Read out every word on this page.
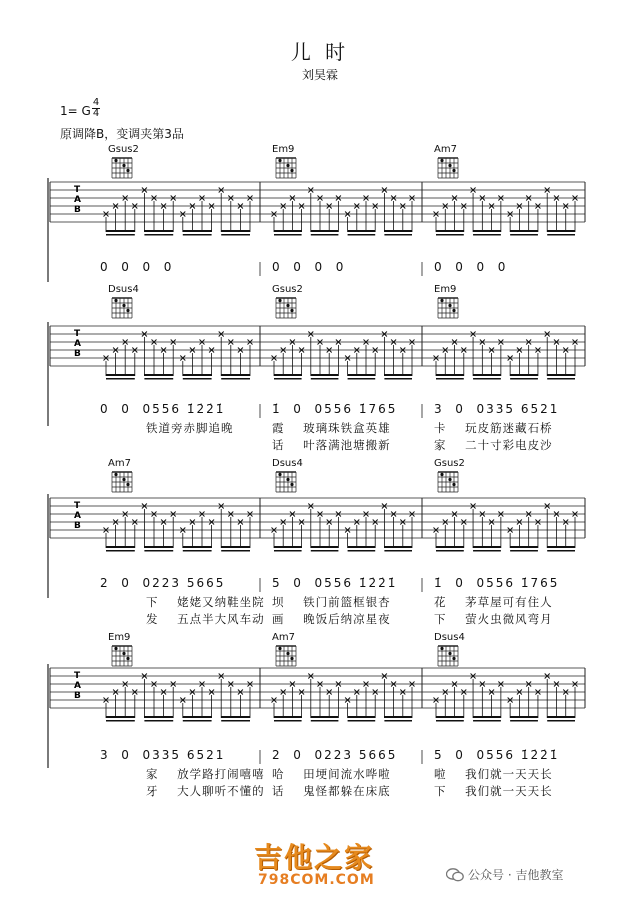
儿 时
刘昊霖
1= G
4
4
原调降B，变调夹第3品
T
A
B
T
A
B
T
A
B
T
A
B
Gsus2	Em9	Am7
0  0  0  0	0  0  0  0	0  0  0  0
Dsus4	Gsus2	Em9
0  0  0556 1̇2̇2̇1̇	1̇  0  0556 1̇765	3  0  0335 6521
铁道旁赤脚追晚	霞    玻璃珠铁盒英雄	卡    玩皮筋迷藏石桥
话    叶落满池塘搬新	家    二十寸彩电皮沙
Am7	Dsus4	Gsus2
2  0  0223 5665	5  0  0556 1̇2̇2̇1̇	1̇  0  0556 1̇765
下    姥姥又纳鞋坐院 坝    铁门前篮框银杏	花    茅草屋可有住人
发    五点半大风车动 画    晚饭后纳凉星夜	下    萤火虫微风弯月
Em9	Am7	Dsus4
3  0  0335 6521	2  0  0223 5665	5  0  0556 1̇2̇2̇1̇
家    放学路打闹嘻嘻 哈    田埂间流水哗啦	啦    我们就一天天长
牙    大人聊听不懂的 话    鬼怪都躲在床底	下    我们就一天天长
吉他之家
798COM.COM	公众号 · 吉他教室
